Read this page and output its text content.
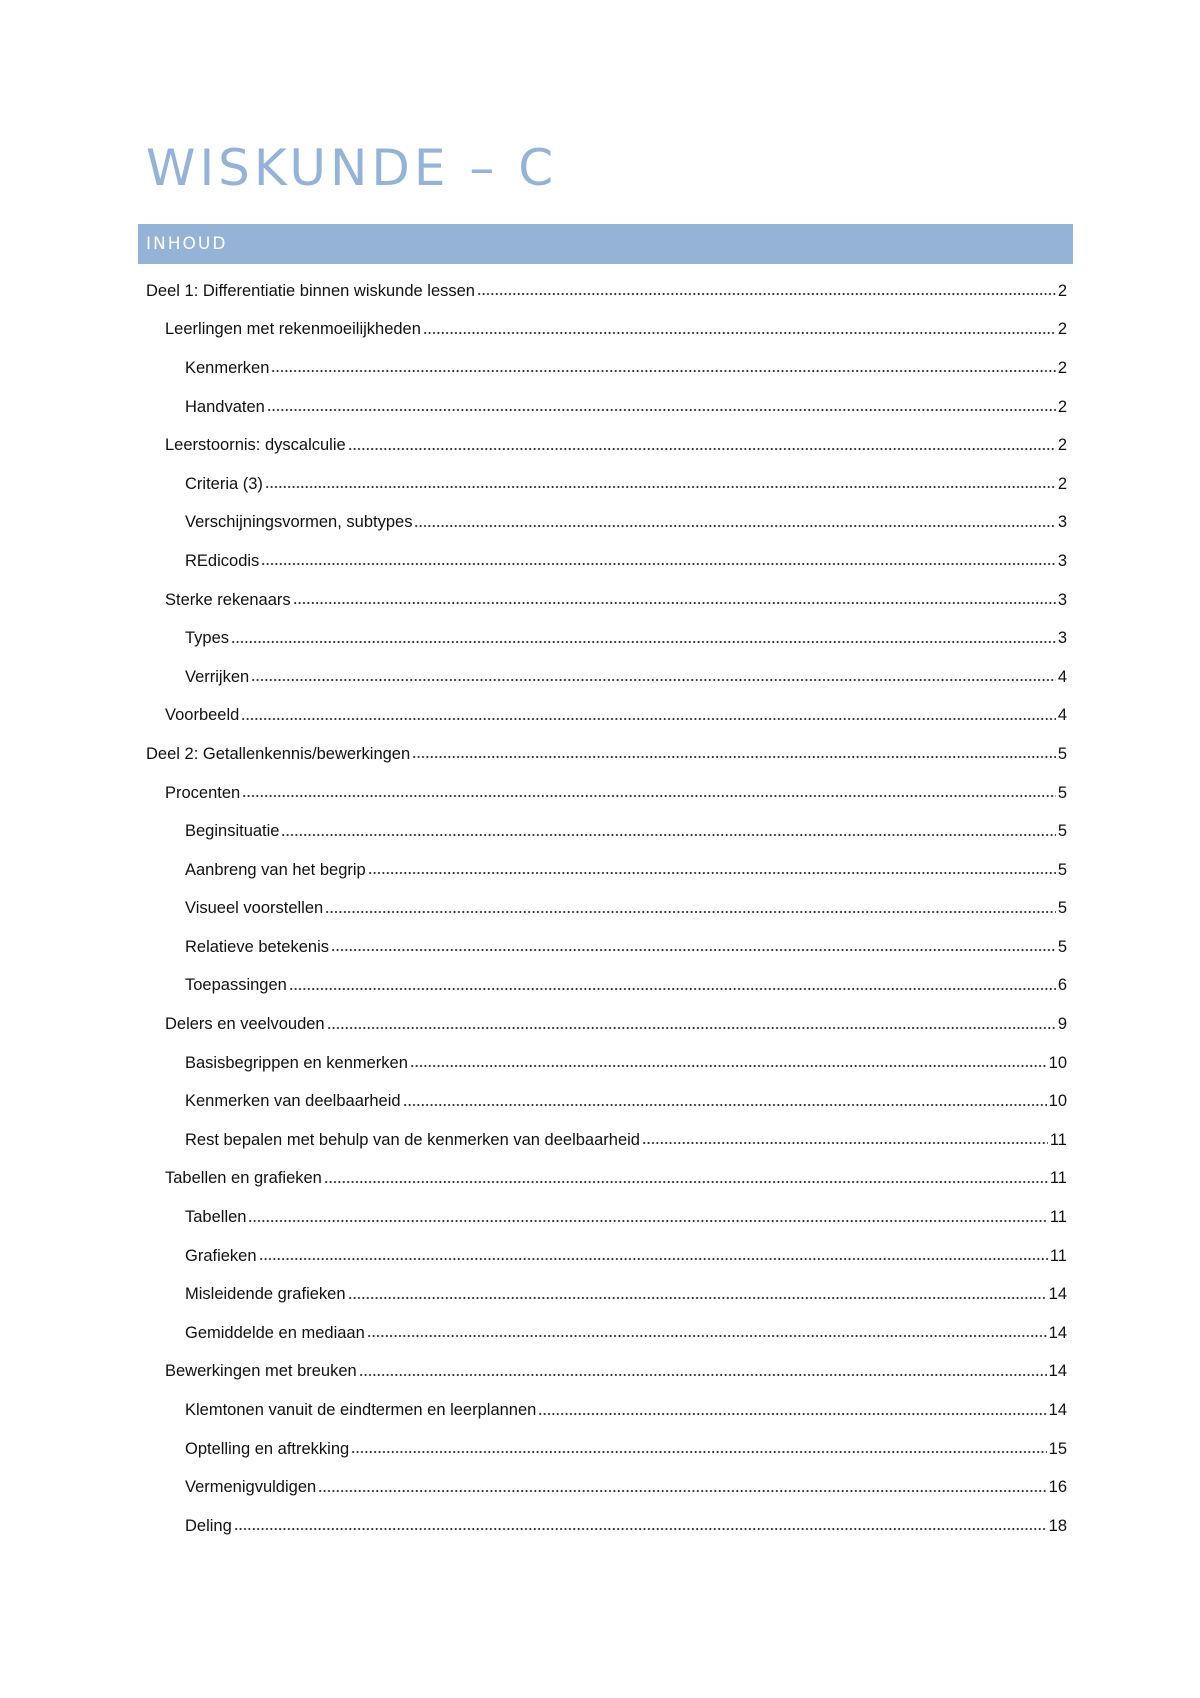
WISKUNDE – C
INHOUD
Deel 1: Differentiatie binnen wiskunde lessen	2
Leerlingen met rekenmoeilijkheden	2
Kenmerken	2
Handvaten	2
Leerstoornis: dyscalculie	2
Criteria (3)	2
Verschijningsvormen, subtypes	3
REdicodis	3
Sterke rekenaars	3
Types	3
Verrijken	4
Voorbeeld	4
Deel 2: Getallenkennis/bewerkingen	5
Procenten	5
Beginsituatie	5
Aanbreng van het begrip	5
Visueel voorstellen	5
Relatieve betekenis	5
Toepassingen	6
Delers en veelvouden	9
Basisbegrippen en kenmerken	10
Kenmerken van deelbaarheid	10
Rest bepalen met behulp van de kenmerken van deelbaarheid	11
Tabellen en grafieken	11
Tabellen	11
Grafieken	11
Misleidende grafieken	14
Gemiddelde en mediaan	14
Bewerkingen met breuken	14
Klemtonen vanuit de eindtermen en leerplannen	14
Optelling en aftrekking	15
Vermenigvuldigen	16
Deling	18
